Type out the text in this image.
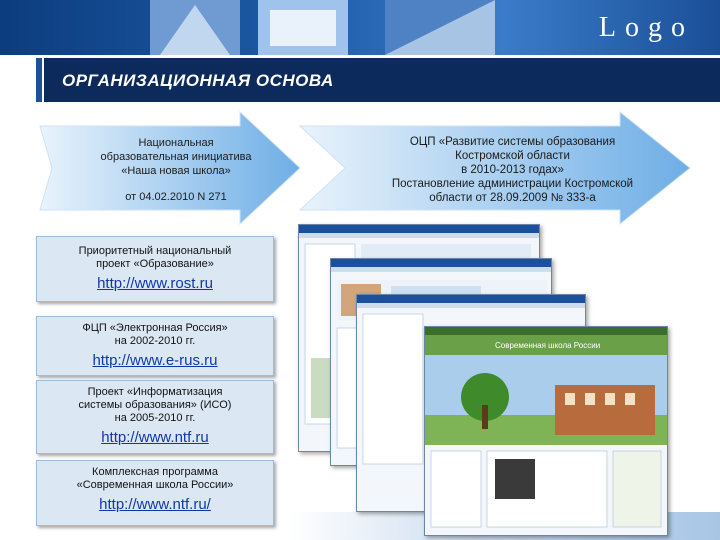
Logo
ОРГАНИЗАЦИОННАЯ ОСНОВА
Национальная
образовательная инициатива
«Наша новая школа»
от 04.02.2010 N 271
ОЦП «Развитие системы образования
Костромской области
в 2010-2013 годах»
Постановление администрации Костромской
области от 28.09.2009 № 333-а
Приоритетный национальный
проект «Образование»
http://www.rost.ru
ФЦП «Электронная Россия»
на 2002-2010 гг.
http://www.e-rus.ru
Проект «Информатизация
системы образования» (ИСО)
на 2005-2010 гг.
http://www.ntf.ru
Комплексная программа
«Современная школа России»
http://www.ntf.ru/
Современная школа России
